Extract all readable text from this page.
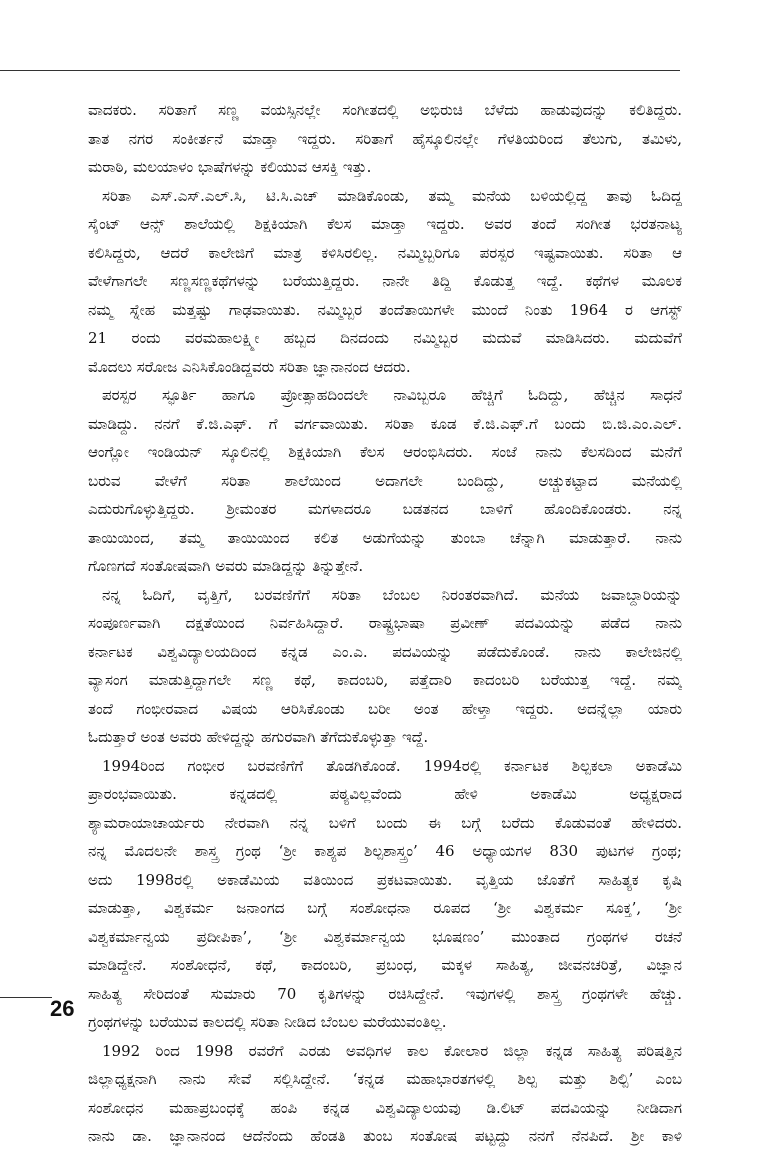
ವಾದಕರು. ಸರಿತಾಗೆ ಸಣ್ಣ ವಯಸ್ಸಿನಲ್ಲೇ ಸಂಗೀತದಲ್ಲಿ ಅಭಿರುಚಿ ಬೆಳೆದು ಹಾಡುವುದನ್ನು ಕಲಿತಿದ್ದರು.
ತಾತ ನಗರ ಸಂಕೀರ್ತನೆ ಮಾಡ್ತಾ ಇದ್ದರು. ಸರಿತಾಗೆ ಹೈಸ್ಕೂಲಿನಲ್ಲೇ ಗೆಳತಿಯರಿಂದ ತೆಲುಗು, ತಮಿಳು,
ಮರಾಠಿ, ಮಲಯಾಳಂ ಭಾಷೆಗಳನ್ನು ಕಲಿಯುವ ಆಸಕ್ತಿ ಇತ್ತು.
ಸರಿತಾ ಎಸ್.ಎಸ್.ಎಲ್.ಸಿ, ಟಿ.ಸಿ.ಎಚ್ ಮಾಡಿಕೊಂಡು, ತಮ್ಮ ಮನೆಯ ಬಳಿಯಲ್ಲಿದ್ದ ತಾವು ಓದಿದ್ದ
ಸೈಂಟ್ ಆನ್ಸ್ ಶಾಲೆಯಲ್ಲಿ ಶಿಕ್ಷಕಿಯಾಗಿ ಕೆಲಸ ಮಾಡ್ತಾ ಇದ್ದರು. ಅವರ ತಂದೆ ಸಂಗೀತ ಭರತನಾಟ್ಯ
ಕಲಿಸಿದ್ದರು, ಆದರೆ ಕಾಲೇಜಿಗೆ ಮಾತ್ರ ಕಳಿಸಿರಲಿಲ್ಲ. ನಮ್ಮಿಬ್ಬರಿಗೂ ಪರಸ್ಪರ ಇಷ್ಟವಾಯಿತು. ಸರಿತಾ ಆ
ವೇಳೆಗಾಗಲೇ ಸಣ್ಣಸಣ್ಣಕಥೆಗಳನ್ನು ಬರೆಯುತ್ತಿದ್ದರು. ನಾನೇ ತಿದ್ದಿ ಕೊಡುತ್ತ ಇದ್ದೆ. ಕಥೆಗಳ ಮೂಲಕ
ನಮ್ಮ ಸ್ನೇಹ ಮತ್ತಷ್ಟು ಗಾಢವಾಯಿತು. ನಮ್ಮಿಬ್ಬರ ತಂದೆತಾಯಿಗಳೇ ಮುಂದೆ ನಿಂತು 1964 ರ ಆಗಸ್ಟ್
21 ರಂದು ವರಮಹಾಲಕ್ಷ್ಮೀ ಹಬ್ಬದ ದಿನದಂದು ನಮ್ಮಿಬ್ಬರ ಮದುವೆ ಮಾಡಿಸಿದರು. ಮದುವೆಗೆ
ಮೊದಲು ಸರೋಜ ಎನಿಸಿಕೊಂಡಿದ್ದವರು ಸರಿತಾ ಜ್ಞಾನಾನಂದ ಆದರು.
ಪರಸ್ಪರ ಸ್ಫೂರ್ತಿ ಹಾಗೂ ಪ್ರೋತ್ಸಾಹದಿಂದಲೇ ನಾವಿಬ್ಬರೂ ಹೆಚ್ಚಿಗೆ ಓದಿದ್ದು, ಹೆಚ್ಚಿನ ಸಾಧನೆ
ಮಾಡಿದ್ದು. ನನಗೆ ಕೆ.ಜಿ.ಎಫ್. ಗೆ ವರ್ಗವಾಯಿತು. ಸರಿತಾ ಕೂಡ ಕೆ.ಜಿ.ಎಫ್.ಗೆ ಬಂದು ಬಿ.ಜಿ.ಎಂ.ಎಲ್.
ಆಂಗ್ಲೋ ಇಂಡಿಯನ್ ಸ್ಕೂಲಿನಲ್ಲಿ ಶಿಕ್ಷಕಿಯಾಗಿ ಕೆಲಸ ಆರಂಭಿಸಿದರು. ಸಂಜೆ ನಾನು ಕೆಲಸದಿಂದ ಮನೆಗೆ
ಬರುವ ವೇಳೆಗೆ ಸರಿತಾ ಶಾಲೆಯಿಂದ ಅದಾಗಲೇ ಬಂದಿದ್ದು, ಅಚ್ಚುಕಟ್ಟಾದ ಮನೆಯಲ್ಲಿ
ಎದುರುಗೊಳ್ಳುತ್ತಿದ್ದರು. ಶ್ರೀಮಂತರ ಮಗಳಾದರೂ ಬಡತನದ ಬಾಳಿಗೆ ಹೊಂದಿಕೊಂಡರು. ನನ್ನ
ತಾಯಿಯಿಂದ, ತಮ್ಮ ತಾಯಿಯಿಂದ ಕಲಿತ ಅಡುಗೆಯನ್ನು ತುಂಬಾ ಚೆನ್ನಾಗಿ ಮಾಡುತ್ತಾರೆ. ನಾನು
ಗೊಣಗದೆ ಸಂತೋಷವಾಗಿ ಅವರು ಮಾಡಿದ್ದನ್ನು ತಿನ್ನುತ್ತೇನೆ.
ನನ್ನ ಓದಿಗೆ, ವೃತ್ತಿಗೆ, ಬರವಣಿಗೆಗೆ ಸರಿತಾ ಬೆಂಬಲ ನಿರಂತರವಾಗಿದೆ. ಮನೆಯ ಜವಾಬ್ದಾರಿಯನ್ನು
ಸಂಪೂರ್ಣವಾಗಿ ದಕ್ಷತೆಯಿಂದ ನಿರ್ವಹಿಸಿದ್ದಾರೆ. ರಾಷ್ಟ್ರಭಾಷಾ ಪ್ರವೀಣ್ ಪದವಿಯನ್ನು ಪಡೆದ ನಾನು
ಕರ್ನಾಟಕ ವಿಶ್ವವಿದ್ಯಾಲಯದಿಂದ ಕನ್ನಡ ಎಂ.ಎ. ಪದವಿಯನ್ನು ಪಡೆದುಕೊಂಡೆ. ನಾನು ಕಾಲೇಜಿನಲ್ಲಿ
ವ್ಯಾಸಂಗ ಮಾಡುತ್ತಿದ್ದಾಗಲೇ ಸಣ್ಣ ಕಥೆ, ಕಾದಂಬರಿ, ಪತ್ತೆದಾರಿ ಕಾದಂಬರಿ ಬರೆಯುತ್ತ ಇದ್ದೆ. ನಮ್ಮ
ತಂದೆ ಗಂಭೀರವಾದ ವಿಷಯ ಆರಿಸಿಕೊಂಡು ಬರೀ ಅಂತ ಹೇಳ್ತಾ ಇದ್ದರು. ಅದನ್ನೆಲ್ಲಾ ಯಾರು
ಓದುತ್ತಾರೆ ಅಂತ ಅವರು ಹೇಳಿದ್ದನ್ನು ಹಗುರವಾಗಿ ತೆಗೆದುಕೊಳ್ಳುತ್ತಾ ಇದ್ದೆ.
1994ರಿಂದ ಗಂಭೀರ ಬರವಣಿಗೆಗೆ ತೊಡಗಿಕೊಂಡೆ. 1994ರಲ್ಲಿ ಕರ್ನಾಟಕ ಶಿಲ್ಪಕಲಾ ಅಕಾಡೆಮಿ
ಪ್ರಾರಂಭವಾಯಿತು. ಕನ್ನಡದಲ್ಲಿ ಪಠ್ಯವಿಲ್ಲವೆಂದು ಹೇಳಿ ಅಕಾಡೆಮಿ ಅಧ್ಯಕ್ಷರಾದ
ಶ್ಯಾಮರಾಯಾಚಾರ್ಯರು ನೇರವಾಗಿ ನನ್ನ ಬಳಿಗೆ ಬಂದು ಈ ಬಗ್ಗೆ ಬರೆದು ಕೊಡುವಂತೆ ಹೇಳಿದರು.
ನನ್ನ ಮೊದಲನೇ ಶಾಸ್ತ್ರ ಗ್ರಂಥ ‘ಶ್ರೀ ಕಾಶ್ಯಪ ಶಿಲ್ಪಶಾಸ್ತ್ರಂ’ 46 ಅಧ್ಯಾಯಗಳ 830 ಪುಟಗಳ ಗ್ರಂಥ;
ಅದು 1998ರಲ್ಲಿ ಅಕಾಡೆಮಿಯ ವತಿಯಿಂದ ಪ್ರಕಟವಾಯಿತು. ವೃತ್ತಿಯ ಜೊತೆಗೆ ಸಾಹಿತ್ಯಕ ಕೃಷಿ
ಮಾಡುತ್ತಾ, ವಿಶ್ವಕರ್ಮ ಜನಾಂಗದ ಬಗ್ಗೆ ಸಂಶೋಧನಾ ರೂಪದ ‘ಶ್ರೀ ವಿಶ್ವಕರ್ಮ ಸೂಕ್ತ’, ‘ಶ್ರೀ
ವಿಶ್ವಕರ್ಮಾನ್ವಯ ಪ್ರದೀಪಿಕಾ’, ‘ಶ್ರೀ ವಿಶ್ವಕರ್ಮಾನ್ವಯ ಭೂಷಣಂ’ ಮುಂತಾದ ಗ್ರಂಥಗಳ ರಚನೆ
ಮಾಡಿದ್ದೇನೆ. ಸಂಶೋಧನೆ, ಕಥೆ, ಕಾದಂಬರಿ, ಪ್ರಬಂಧ, ಮಕ್ಕಳ ಸಾಹಿತ್ಯ, ಜೀವನಚರಿತ್ರೆ, ವಿಜ್ಞಾನ
ಸಾಹಿತ್ಯ ಸೇರಿದಂತೆ ಸುಮಾರು 70 ಕೃತಿಗಳನ್ನು ರಚಿಸಿದ್ದೇನೆ. ಇವುಗಳಲ್ಲಿ ಶಾಸ್ತ್ರ ಗ್ರಂಥಗಳೇ ಹೆಚ್ಚು.
ಗ್ರಂಥಗಳನ್ನು ಬರೆಯುವ ಕಾಲದಲ್ಲಿ ಸರಿತಾ ನೀಡಿದ ಬೆಂಬಲ ಮರೆಯುವಂತಿಲ್ಲ.
1992 ರಿಂದ 1998 ರವರೆಗೆ ಎರಡು ಅವಧಿಗಳ ಕಾಲ ಕೋಲಾರ ಜಿಲ್ಲಾ ಕನ್ನಡ ಸಾಹಿತ್ಯ ಪರಿಷತ್ತಿನ
ಜಿಲ್ಲಾಧ್ಯಕ್ಷನಾಗಿ ನಾನು ಸೇವೆ ಸಲ್ಲಿಸಿದ್ದೇನೆ. ‘ಕನ್ನಡ ಮಹಾಭಾರತಗಳಲ್ಲಿ ಶಿಲ್ಪ ಮತ್ತು ಶಿಲ್ಪಿ’ ಎಂಬ
ಸಂಶೋಧನ ಮಹಾಪ್ರಬಂಧಕ್ಕೆ ಹಂಪಿ ಕನ್ನಡ ವಿಶ್ವವಿದ್ಯಾಲಯವು ಡಿ.ಲಿಟ್ ಪದವಿಯನ್ನು ನೀಡಿದಾಗ
ನಾನು ಡಾ. ಜ್ಞಾನಾನಂದ ಆದೆನೆಂದು ಹೆಂಡತಿ ತುಂಬ ಸಂತೋಷ ಪಟ್ಟದ್ದು ನನಗೆ ನೆನಪಿದೆ. ಶ್ರೀ ಕಾಳಿ
26
